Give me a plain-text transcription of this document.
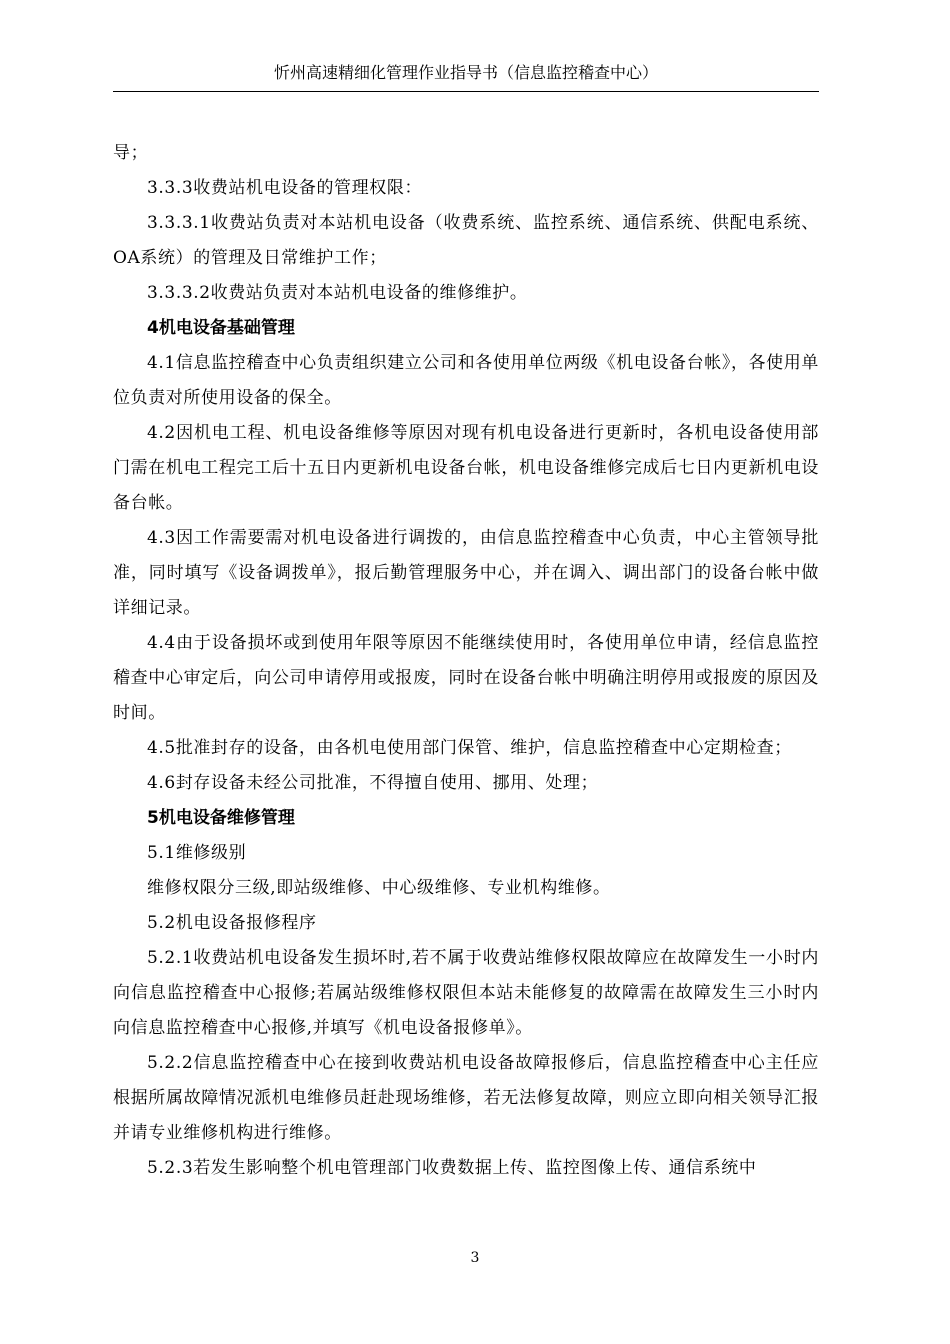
忻州高速精细化管理作业指导书（信息监控稽查中心）

导；

3.3.3收费站机电设备的管理权限：

3.3.3.1收费站负责对本站机电设备（收费系统、监控系统、通信系统、供配电系统、OA系统）的管理及日常维护工作；

3.3.3.2收费站负责对本站机电设备的维修维护。

4机电设备基础管理

4.1信息监控稽查中心负责组织建立公司和各使用单位两级《机电设备台帐》，各使用单位负责对所使用设备的保全。

4.2因机电工程、机电设备维修等原因对现有机电设备进行更新时，各机电设备使用部门需在机电工程完工后十五日内更新机电设备台帐，机电设备维修完成后七日内更新机电设备台帐。

4.3因工作需要需对机电设备进行调拨的，由信息监控稽查中心负责，中心主管领导批准，同时填写《设备调拨单》，报后勤管理服务中心，并在调入、调出部门的设备台帐中做详细记录。

4.4由于设备损坏或到使用年限等原因不能继续使用时，各使用单位申请，经信息监控稽查中心审定后，向公司申请停用或报废，同时在设备台帐中明确注明停用或报废的原因及时间。

4.5批准封存的设备，由各机电使用部门保管、维护，信息监控稽查中心定期检查；

4.6封存设备未经公司批准，不得擅自使用、挪用、处理；

5机电设备维修管理

5.1维修级别

维修权限分三级,即站级维修、中心级维修、专业机构维修。

5.2机电设备报修程序

5.2.1收费站机电设备发生损坏时,若不属于收费站维修权限故障应在故障发生一小时内向信息监控稽查中心报修;若属站级维修权限但本站未能修复的故障需在故障发生三小时内向信息监控稽查中心报修,并填写《机电设备报修单》。

5.2.2信息监控稽查中心在接到收费站机电设备故障报修后，信息监控稽查中心主任应根据所属故障情况派机电维修员赶赴现场维修，若无法修复故障，则应立即向相关领导汇报并请专业维修机构进行维修。

5.2.3若发生影响整个机电管理部门收费数据上传、监控图像上传、通信系统中

3
